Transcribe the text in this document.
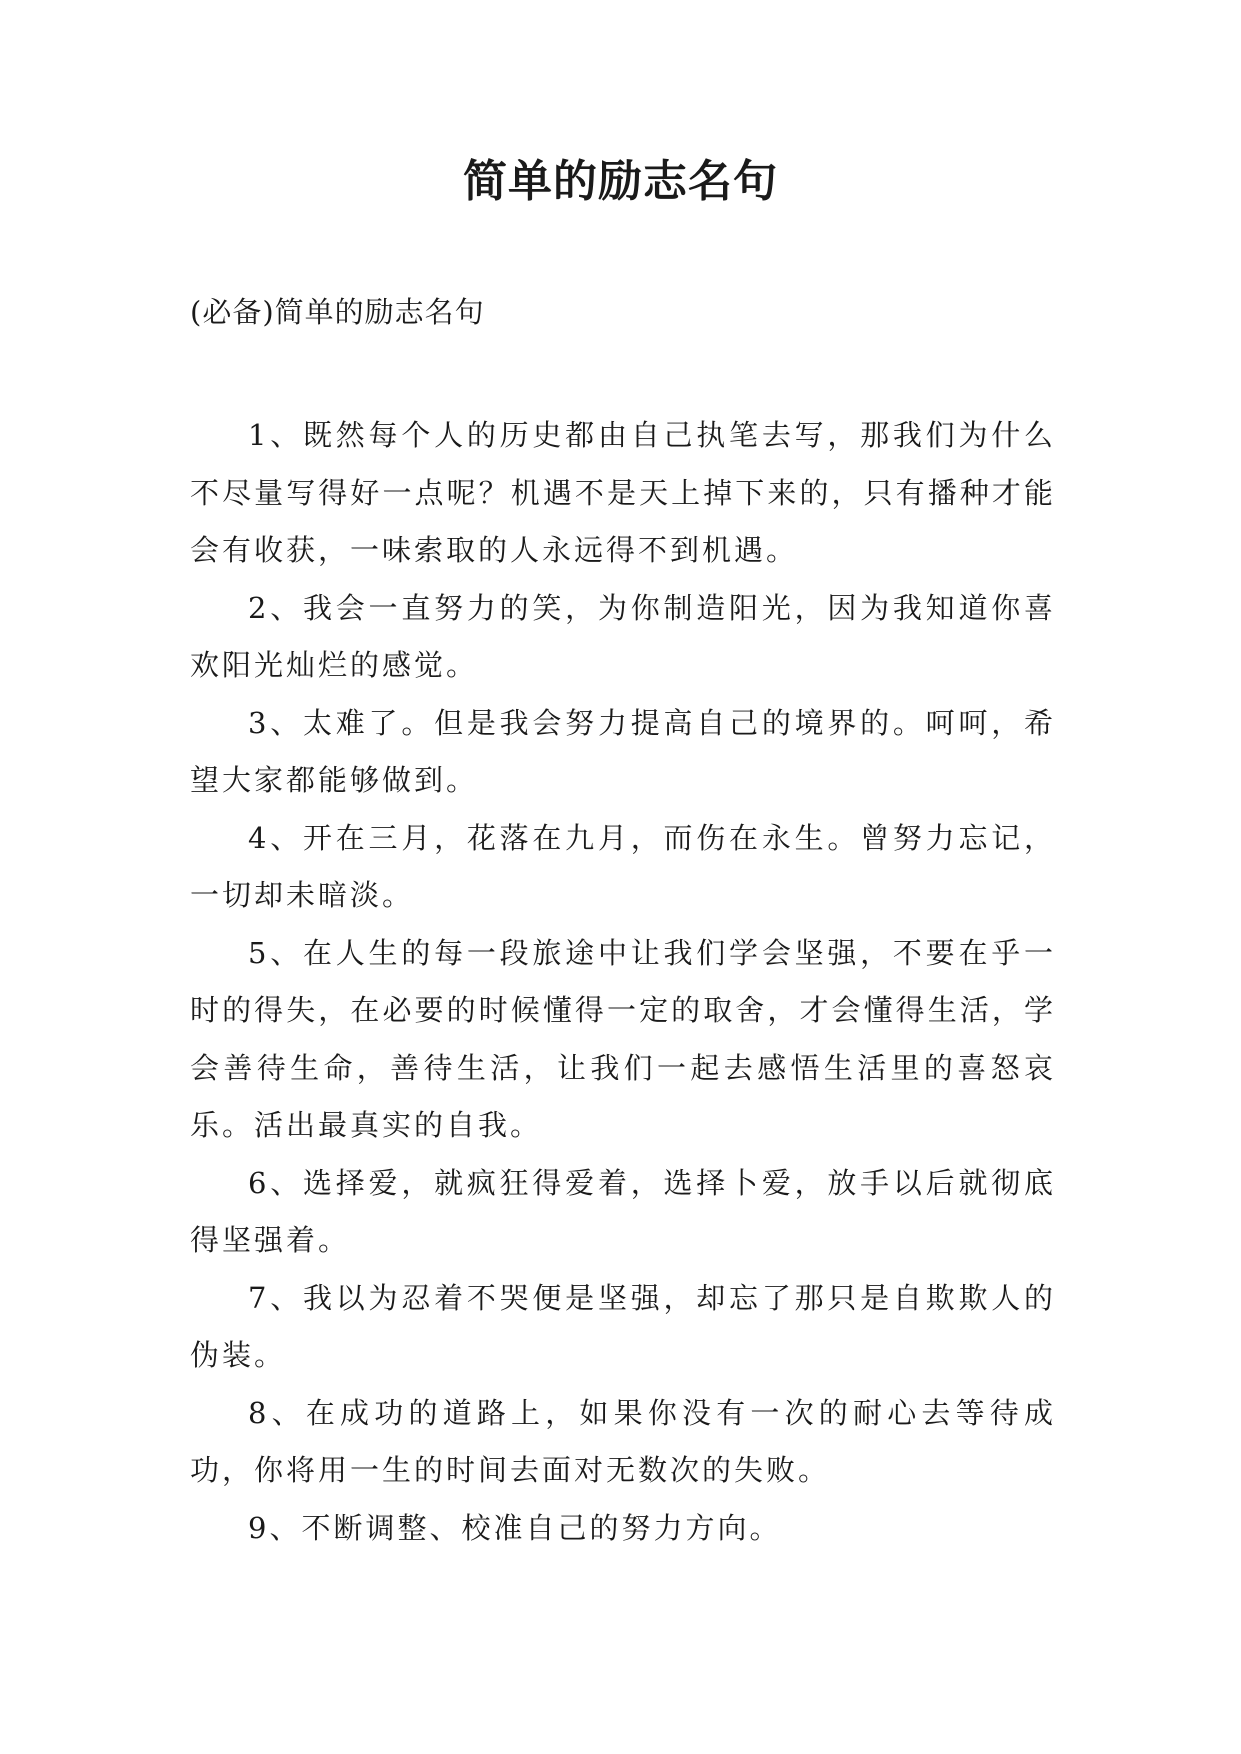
简单的励志名句

(必备)简单的励志名句

1、既然每个人的历史都由自己执笔去写，那我们为什么不尽量写得好一点呢？机遇不是天上掉下来的，只有播种才能会有收获，一味索取的人永远得不到机遇。

2、我会一直努力的笑，为你制造阳光，因为我知道你喜欢阳光灿烂的感觉。

3、太难了。但是我会努力提高自己的境界的。呵呵，希望大家都能够做到。

4、开在三月，花落在九月，而伤在永生。曾努力忘记，一切却未暗淡。

5、在人生的每一段旅途中让我们学会坚强，不要在乎一时的得失，在必要的时候懂得一定的取舍，才会懂得生活，学会善待生命，善待生活，让我们一起去感悟生活里的喜怒哀乐。活出最真实的自我。

6、选择爱，就疯狂得爱着，选择卜爱，放手以后就彻底得坚强着。

7、我以为忍着不哭便是坚强，却忘了那只是自欺欺人的伪装。

8、在成功的道路上，如果你没有一次的耐心去等待成功，你将用一生的时间去面对无数次的失败。

9、不断调整、校准自己的努力方向。
